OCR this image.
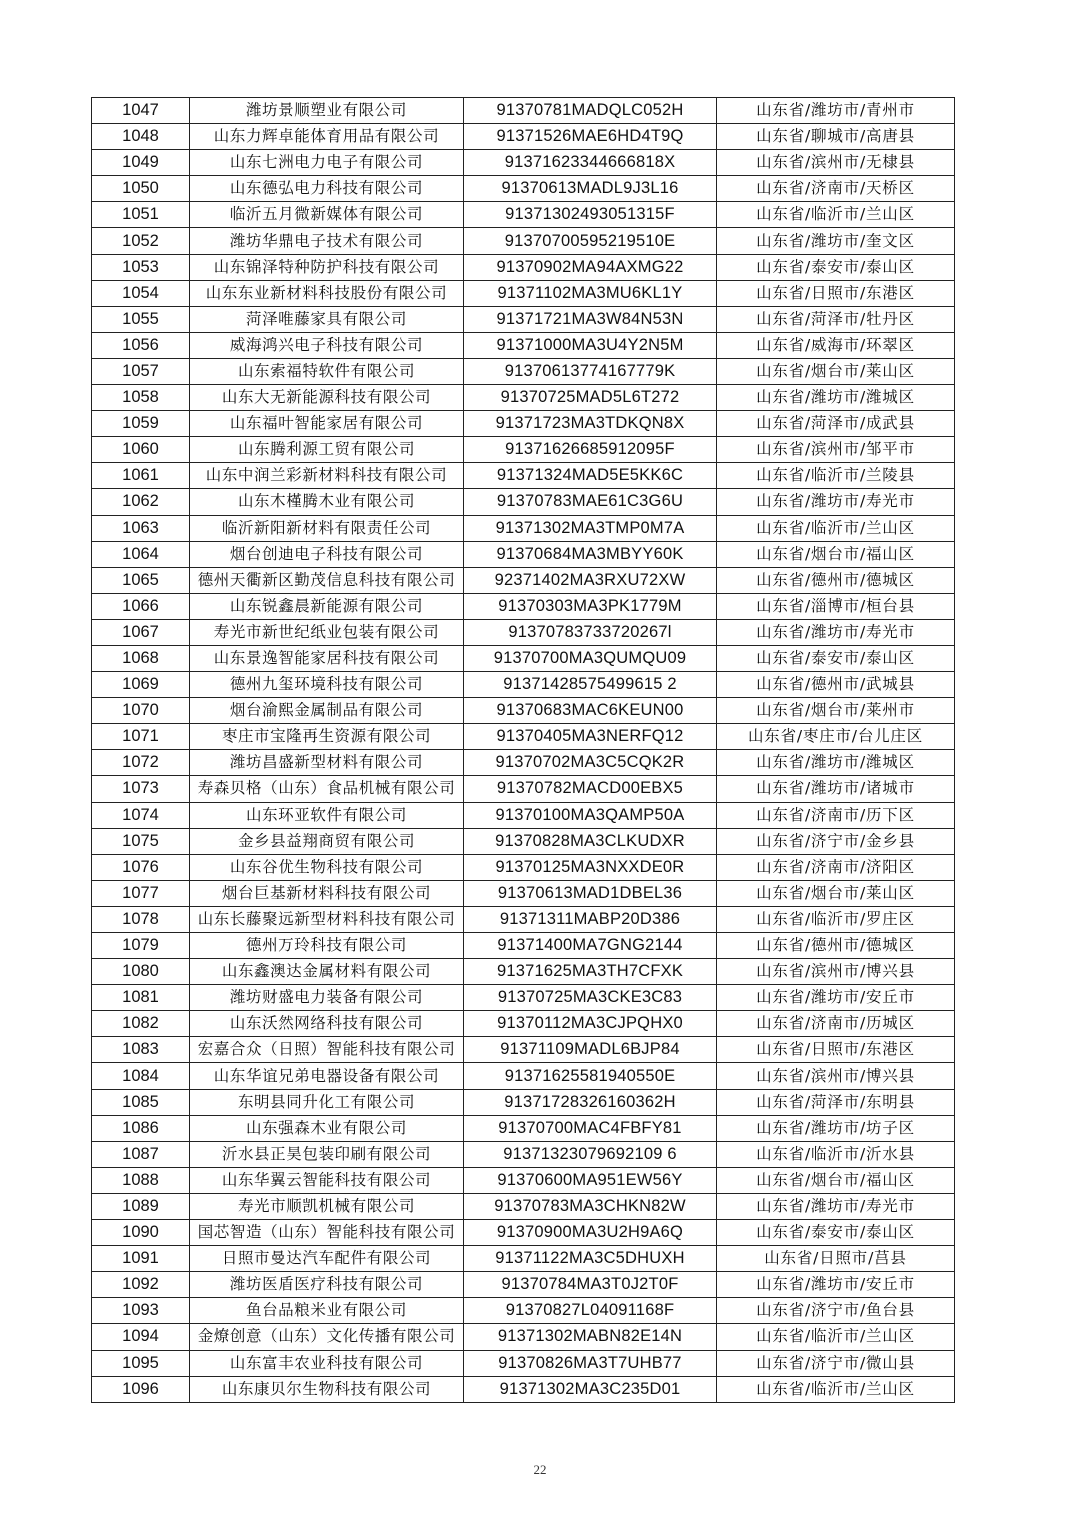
1047	潍坊景顺塑业有限公司	91370781MADQLC052H	山东省/潍坊市/青州市
1048	山东力辉卓能体育用品有限公司	91371526MAE6HD4T9Q	山东省/聊城市/高唐县
1049	山东七洲电力电子有限公司	91371623344666818X	山东省/滨州市/无棣县
1050	山东德弘电力科技有限公司	91370613MADL9J3L16	山东省/济南市/天桥区
1051	临沂五月微新媒体有限公司	91371302493051315F	山东省/临沂市/兰山区
1052	潍坊华鼎电子技术有限公司	91370700595219510E	山东省/潍坊市/奎文区
1053	山东锦泽特种防护科技有限公司	91370902MA94AXMG22	山东省/泰安市/泰山区
1054	山东东业新材料科技股份有限公司	91371102MA3MU6KL1Y	山东省/日照市/东港区
1055	菏泽唯藤家具有限公司	91371721MA3W84N53N	山东省/菏泽市/牡丹区
1056	威海鸿兴电子科技有限公司	91371000MA3U4Y2N5M	山东省/威海市/环翠区
1057	山东索福特软件有限公司	91370613774167779K	山东省/烟台市/莱山区
1058	山东大无新能源科技有限公司	91370725MAD5L6T272	山东省/潍坊市/潍城区
1059	山东福叶智能家居有限公司	91371723MA3TDKQN8X	山东省/菏泽市/成武县
1060	山东腾利源工贸有限公司	91371626685912095F	山东省/滨州市/邹平市
1061	山东中润兰彩新材料科技有限公司	91371324MAD5E5KK6C	山东省/临沂市/兰陵县
1062	山东木槿腾木业有限公司	91370783MAE61C3G6U	山东省/潍坊市/寿光市
1063	临沂新阳新材料有限责任公司	91371302MA3TMP0M7A	山东省/临沂市/兰山区
1064	烟台创迪电子科技有限公司	91370684MA3MBYY60K	山东省/烟台市/福山区
1065	德州天衢新区勤茂信息科技有限公司	92371402MA3RXU72XW	山东省/德州市/德城区
1066	山东锐鑫晨新能源有限公司	91370303MA3PK1779M	山东省/淄博市/桓台县
1067	寿光市新世纪纸业包装有限公司	91370783733720267l	山东省/潍坊市/寿光市
1068	山东景逸智能家居科技有限公司	91370700MA3QUMQU09	山东省/泰安市/泰山区
1069	德州九玺环境科技有限公司	91371428575499615 2	山东省/德州市/武城县
1070	烟台渝熙金属制品有限公司	91370683MAC6KEUN00	山东省/烟台市/莱州市
1071	枣庄市宝隆再生资源有限公司	91370405MA3NERFQ12	山东省/枣庄市/台儿庄区
1072	潍坊昌盛新型材料有限公司	91370702MA3C5CQK2R	山东省/潍坊市/潍城区
1073	寿森贝格（山东）食品机械有限公司	91370782MACD00EBX5	山东省/潍坊市/诸城市
1074	山东环亚软件有限公司	91370100MA3QAMP50A	山东省/济南市/历下区
1075	金乡县益翔商贸有限公司	91370828MA3CLKUDXR	山东省/济宁市/金乡县
1076	山东谷优生物科技有限公司	91370125MA3NXXDE0R	山东省/济南市/济阳区
1077	烟台巨基新材料科技有限公司	91370613MAD1DBEL36	山东省/烟台市/莱山区
1078	山东长藤聚远新型材料科技有限公司	91371311MABP20D386	山东省/临沂市/罗庄区
1079	德州万玲科技有限公司	91371400MA7GNG2144	山东省/德州市/德城区
1080	山东鑫澳达金属材料有限公司	91371625MA3TH7CFXK	山东省/滨州市/博兴县
1081	潍坊财盛电力装备有限公司	91370725MA3CKE3C83	山东省/潍坊市/安丘市
1082	山东沃然网络科技有限公司	91370112MA3CJPQHX0	山东省/济南市/历城区
1083	宏嘉合众（日照）智能科技有限公司	91371109MADL6BJP84	山东省/日照市/东港区
1084	山东华谊兄弟电器设备有限公司	91371625581940550E	山东省/滨州市/博兴县
1085	东明县同升化工有限公司	91371728326160362H	山东省/菏泽市/东明县
1086	山东强森木业有限公司	91370700MAC4FBFY81	山东省/潍坊市/坊子区
1087	沂水县正昊包装印刷有限公司	91371323079692109 6	山东省/临沂市/沂水县
1088	山东华翼云智能科技有限公司	91370600MA951EW56Y	山东省/烟台市/福山区
1089	寿光市顺凯机械有限公司	91370783MA3CHKN82W	山东省/潍坊市/寿光市
1090	国芯智造（山东）智能科技有限公司	91370900MA3U2H9A6Q	山东省/泰安市/泰山区
1091	日照市曼达汽车配件有限公司	91371122MA3C5DHUXH	山东省/日照市/莒县
1092	潍坊医盾医疗科技有限公司	91370784MA3T0J2T0F	山东省/潍坊市/安丘市
1093	鱼台品粮米业有限公司	91370827L04091168F	山东省/济宁市/鱼台县
1094	金燎创意（山东）文化传播有限公司	91371302MABN82E14N	山东省/临沂市/兰山区
1095	山东富丰农业科技有限公司	91370826MA3T7UHB77	山东省/济宁市/微山县
1096	山东康贝尔生物科技有限公司	91371302MA3C235D01	山东省/临沂市/兰山区
22
